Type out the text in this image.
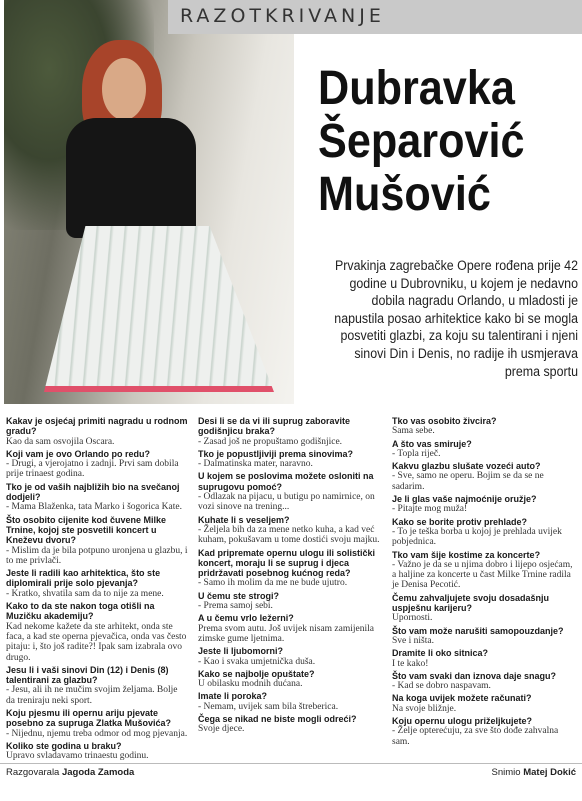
RAZOTKRIVANJE
Dubravka
Šeparović
Mušović
Prvakinja zagrebačke Opere rođena prije 42 godine u Dubrovniku, u kojem je nedavno dobila nagradu Orlando, u mladosti je napustila posao arhitektice kako bi se mogla posvetiti glazbi, za koju su talentirani i njeni sinovi Din i Denis, no radije ih usmjerava prema sportu
Kakav je osjećaj primiti nagradu u rodnom gradu?
Kao da sam osvojila Oscara.
Koji vam je ovo Orlando po redu?
- Drugi, a vjerojatno i zadnji. Prvi sam dobila prije trinaest godina.
Tko je od vaših najbližih bio na svečanoj dodjeli?
- Mama Blaženka, tata Marko i šogorica Kate.
Što osobito cijenite kod čuvene Milke Trnine, kojoj ste posvetili koncert u Kneževu dvoru?
- Mislim da je bila potpuno uronjena u glazbu, i to me privlači.
Jeste li radili kao arhitektica, što ste diplomirali prije solo pjevanja?
- Kratko, shvatila sam da to nije za mene.
Kako to da ste nakon toga otišli na Muzičku akademiju?
Kad nekome kažete da ste arhitekt, onda ste faca, a kad ste operna pjevačica, onda vas često pitaju: i, što još radite?! Ipak sam izabrala ovo drugo.
Jesu li i vaši sinovi Din (12) i Denis (8) talentirani za glazbu?
- Jesu, ali ih ne mučim svojim željama. Bolje da treniraju neki sport.
Koju pjesmu ili opernu ariju pjevate posebno za supruga Zlatka Mušovića?
- Nijednu, njemu treba odmor od mog pjevanja.
Koliko ste godina u braku?
Upravo svladavamo trinaestu godinu.
Desi li se da vi ili suprug zaboravite godišnjicu braka?
- Zasad još ne propuštamo godišnjice.
Tko je popustljiviji prema sinovima?
- Dalmatinska mater, naravno.
U kojem se poslovima možete osloniti na suprugovu pomoć?
- Odlazak na pijacu, u butigu po namirnice, on vozi sinove na trening...
Kuhate li s veseljem?
- Željela bih da za mene netko kuha, a kad već kuham, pokušavam u tome dostići svoju majku.
Kad pripremate opernu ulogu ili solistički koncert, moraju li se suprug i djeca pridržavati posebnog kućnog reda?
- Samo ih molim da me ne bude ujutro.
U čemu ste strogi?
- Prema samoj sebi.
A u čemu vrlo ležerni?
Prema svom autu. Još uvijek nisam zamijenila zimske gume ljetnima.
Jeste li ljubomorni?
- Kao i svaka umjetnička duša.
Kako se najbolje opuštate?
U obilasku modnih dućana.
Imate li poroka?
- Nemam, uvijek sam bila štreberica.
Čega se nikad ne biste mogli odreći?
Svoje djece.
Tko vas osobito živcira?
Sama sebe.
A što vas smiruje?
- Topla riječ.
Kakvu glazbu slušate vozeći auto?
- Sve, samo ne operu. Bojim se da se ne sadarim.
Je li glas vaše najmoćnije oružje?
- Pitajte mog muža!
Kako se borite protiv prehlade?
- To je teška borba u kojoj je prehlada uvijek pobjednica.
Tko vam šije kostime za koncerte?
- Važno je da se u njima dobro i lijepo osjećam, a haljine za koncerte u čast Milke Trnine radila je Denisa Pecotić.
Čemu zahvaljujete svoju dosadašnju uspješnu karijeru?
Upornosti.
Što vam može narušiti samopouzdanje?
Sve i ništa.
Dramite li oko sitnica?
I te kako!
Što vam svaki dan iznova daje snagu?
- Kad se dobro naspavam.
Na koga uvijek možete računati?
Na svoje bližnje.
Koju opernu ulogu priželjkujete?
- Želje opterećuju, za sve što dođe zahvalna sam.
Razgovarala Jagoda Zamoda	Snimio Matej Dokić
